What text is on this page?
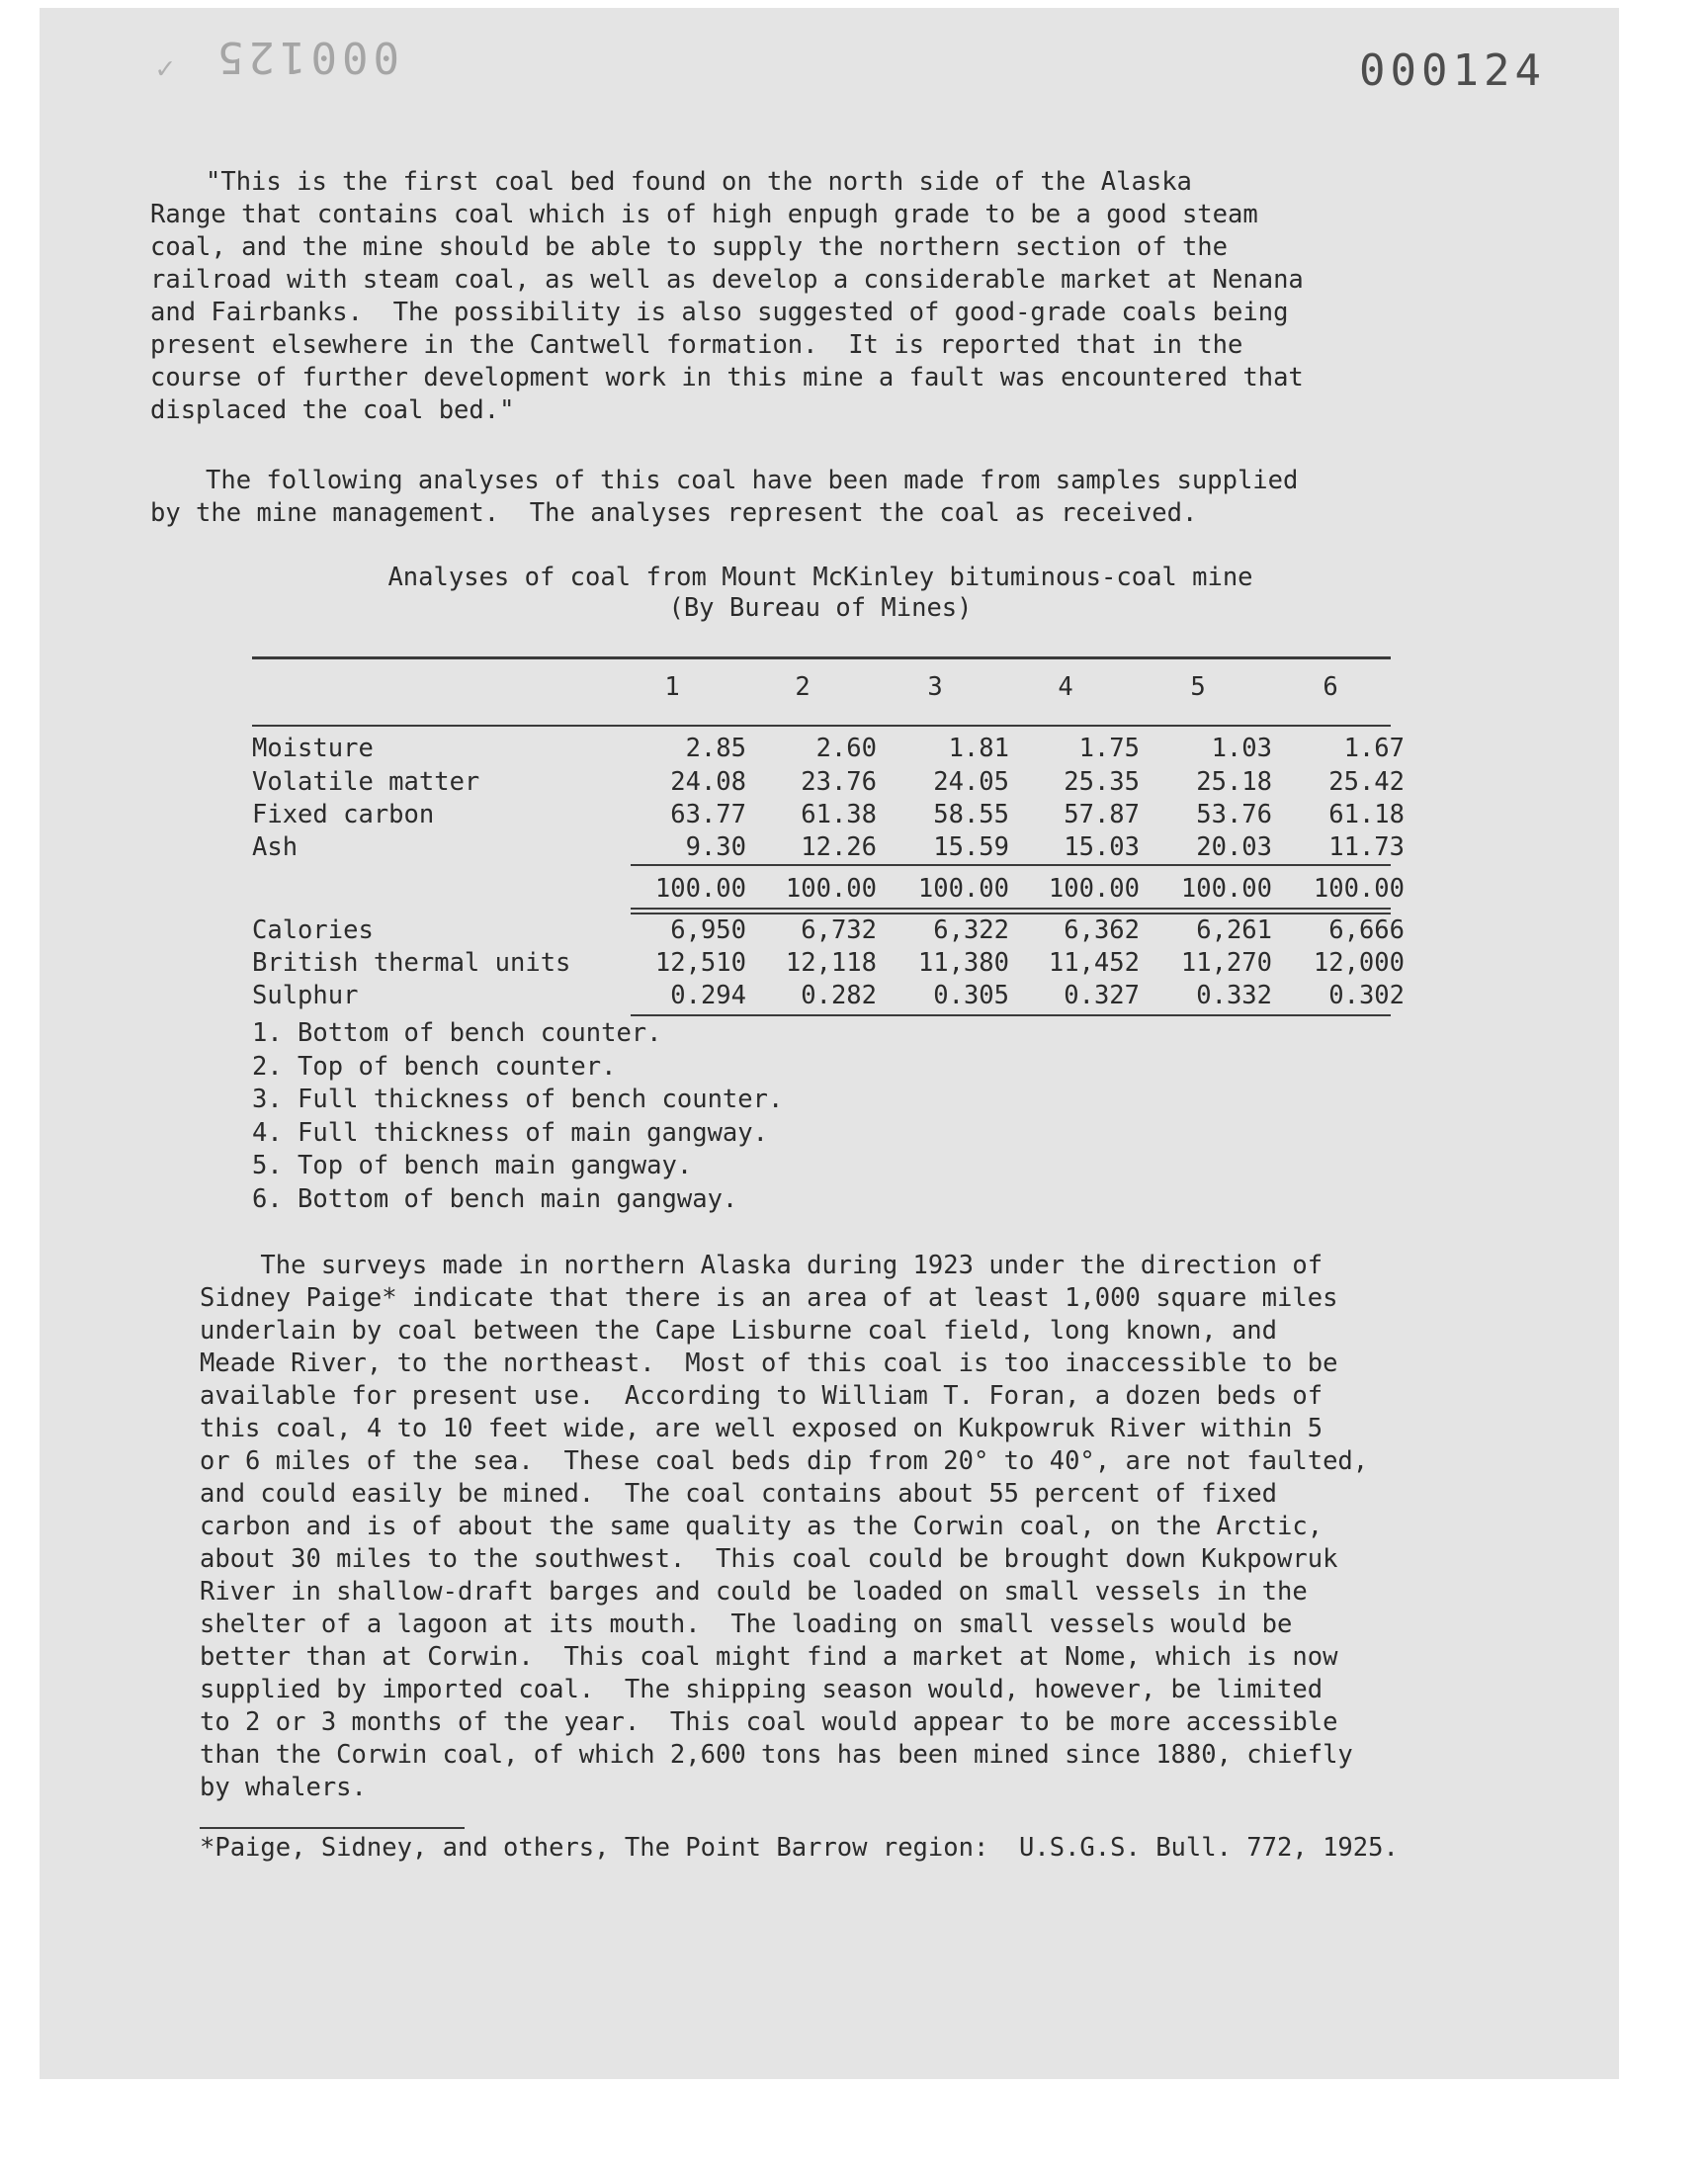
✓ 000125	000124
"This is the first coal bed found on the north side of the Alaska
Range that contains coal which is of high enpugh grade to be a good steam
coal, and the mine should be able to supply the northern section of the
railroad with steam coal, as well as develop a considerable market at Nenana
and Fairbanks.  The possibility is also suggested of good-grade coals being
present elsewhere in the Cantwell formation.  It is reported that in the
course of further development work in this mine a fault was encountered that
displaced the coal bed."
The following analyses of this coal have been made from samples supplied
by the mine management.  The analyses represent the coal as received.
Analyses of coal from Mount McKinley bituminous-coal mine
(By Bureau of Mines)
1	2	3	4	5	6
Moisture	2.85	2.60	1.81	1.75	1.03	1.67
Volatile matter	24.08	23.76	24.05	25.35	25.18	25.42
Fixed carbon	63.77	61.38	58.55	57.87	53.76	61.18
Ash	9.30	12.26	15.59	15.03	20.03	11.73
100.00	100.00	100.00	100.00	100.00	100.00
Calories	6,950	6,732	6,322	6,362	6,261	6,666
British thermal units	12,510	12,118	11,380	11,452	11,270	12,000
Sulphur	0.294	0.282	0.305	0.327	0.332	0.302
1. Bottom of bench counter.
2. Top of bench counter.
3. Full thickness of bench counter.
4. Full thickness of main gangway.
5. Top of bench main gangway.
6. Bottom of bench main gangway.
The surveys made in northern Alaska during 1923 under the direction of
Sidney Paige* indicate that there is an area of at least 1,000 square miles
underlain by coal between the Cape Lisburne coal field, long known, and
Meade River, to the northeast.  Most of this coal is too inaccessible to be
available for present use.  According to William T. Foran, a dozen beds of
this coal, 4 to 10 feet wide, are well exposed on Kukpowruk River within 5
or 6 miles of the sea.  These coal beds dip from 20° to 40°, are not faulted,
and could easily be mined.  The coal contains about 55 percent of fixed
carbon and is of about the same quality as the Corwin coal, on the Arctic,
about 30 miles to the southwest.  This coal could be brought down Kukpowruk
River in shallow-draft barges and could be loaded on small vessels in the
shelter of a lagoon at its mouth.  The loading on small vessels would be
better than at Corwin.  This coal might find a market at Nome, which is now
supplied by imported coal.  The shipping season would, however, be limited
to 2 or 3 months of the year.  This coal would appear to be more accessible
than the Corwin coal, of which 2,600 tons has been mined since 1880, chiefly
by whalers.
*Paige, Sidney, and others, The Point Barrow region:  U.S.G.S. Bull. 772, 1925.
